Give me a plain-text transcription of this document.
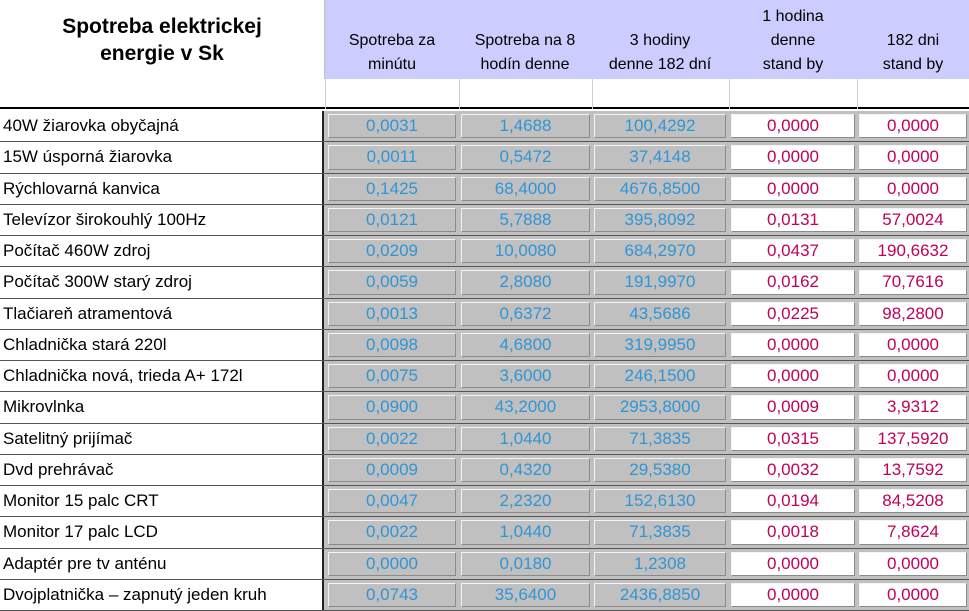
Spotreba elektrickej
energie v Sk
Spotreba za
minútu
Spotreba na 8
hodín denne
3 hodiny
denne 182 dní
1 hodina
denne
stand by
182 dni
stand by
40W žiarovka obyčajná	0,0031	1,4688	100,4292	0,0000	0,0000
15W úsporná žiarovka	0,0011	0,5472	37,4148	0,0000	0,0000
Rýchlovarná kanvica	0,1425	68,4000	4676,8500	0,0000	0,0000
Televízor širokouhlý 100Hz	0,0121	5,7888	395,8092	0,0131	57,0024
Počítač 460W zdroj	0,0209	10,0080	684,2970	0,0437	190,6632
Počítač 300W starý zdroj	0,0059	2,8080	191,9970	0,0162	70,7616
Tlačiareň atramentová	0,0013	0,6372	43,5686	0,0225	98,2800
Chladnička stará 220l	0,0098	4,6800	319,9950	0,0000	0,0000
Chladnička nová, trieda A+ 172l	0,0075	3,6000	246,1500	0,0000	0,0000
Mikrovlnka	0,0900	43,2000	2953,8000	0,0009	3,9312
Satelitný prijímač	0,0022	1,0440	71,3835	0,0315	137,5920
Dvd prehrávač	0,0009	0,4320	29,5380	0,0032	13,7592
Monitor 15 palc CRT	0,0047	2,2320	152,6130	0,0194	84,5208
Monitor 17 palc LCD	0,0022	1,0440	71,3835	0,0018	7,8624
Adaptér pre tv anténu	0,0000	0,0180	1,2308	0,0000	0,0000
Dvojplatnička – zapnutý jeden kruh	0,0743	35,6400	2436,8850	0,0000	0,0000
